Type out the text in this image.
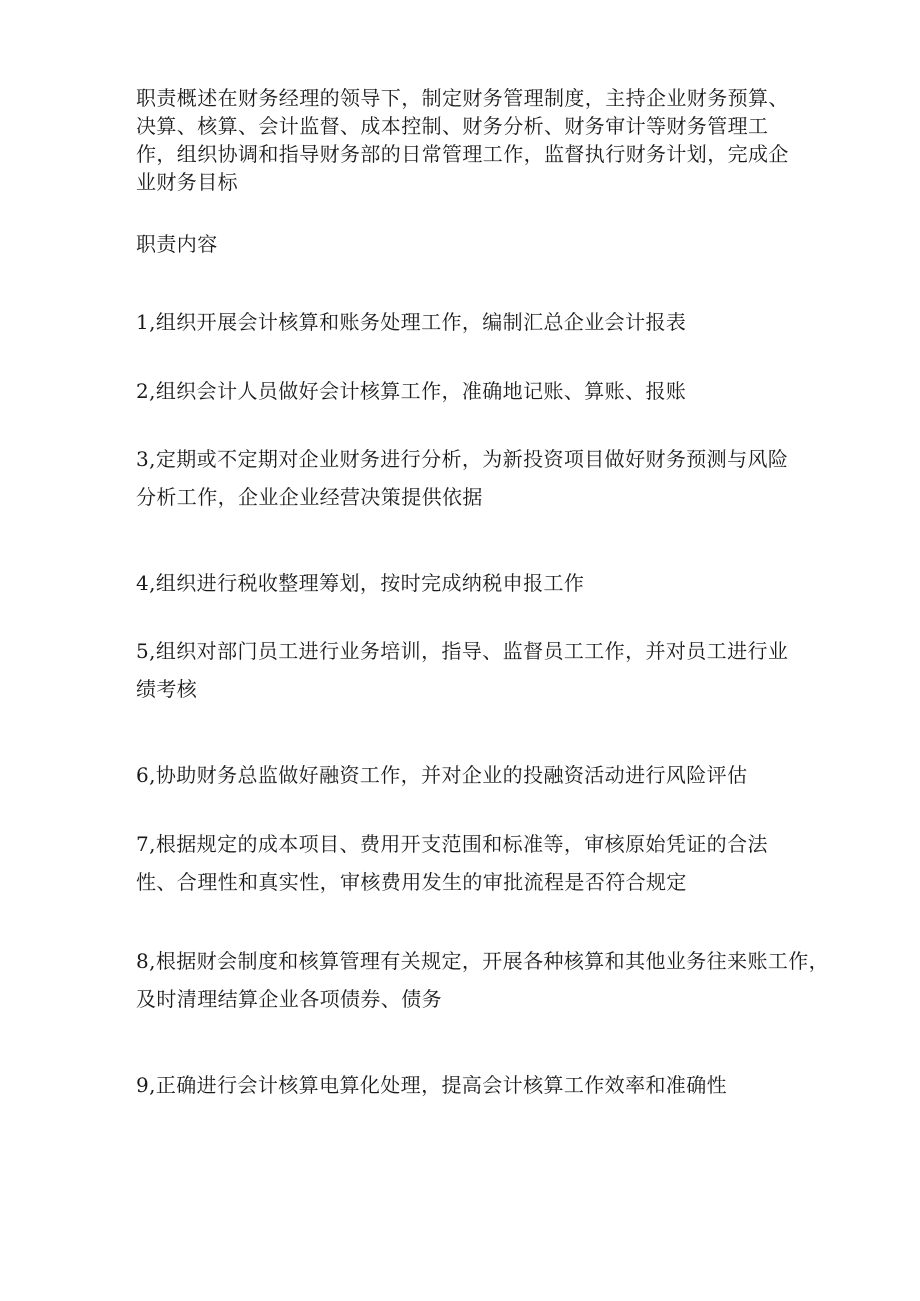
职责概述在财务经理的领导下，制定财务管理制度，主持企业财务预算、决算、核算、会计监督、成本控制、财务分析、财务审计等财务管理工作，组织协调和指导财务部的日常管理工作，监督执行财务计划，完成企业财务目标

职责内容
1,组织开展会计核算和账务处理工作，编制汇总企业会计报表
2,组织会计人员做好会计核算工作，准确地记账、算账、报账
3,定期或不定期对企业财务进行分析，为新投资项目做好财务预测与风险
分析工作，企业企业经营决策提供依据
4,组织进行税收整理筹划，按时完成纳税申报工作
5,组织对部门员工进行业务培训，指导、监督员工工作，并对员工进行业
绩考核
6,协助财务总监做好融资工作，并对企业的投融资活动进行风险评估
7,根据规定的成本项目、费用开支范围和标准等，审核原始凭证的合法
性、合理性和真实性，审核费用发生的审批流程是否符合规定
8,根据财会制度和核算管理有关规定，开展各种核算和其他业务往来账工作，
及时清理结算企业各项债券、债务
9,正确进行会计核算电算化处理，提高会计核算工作效率和准确性
